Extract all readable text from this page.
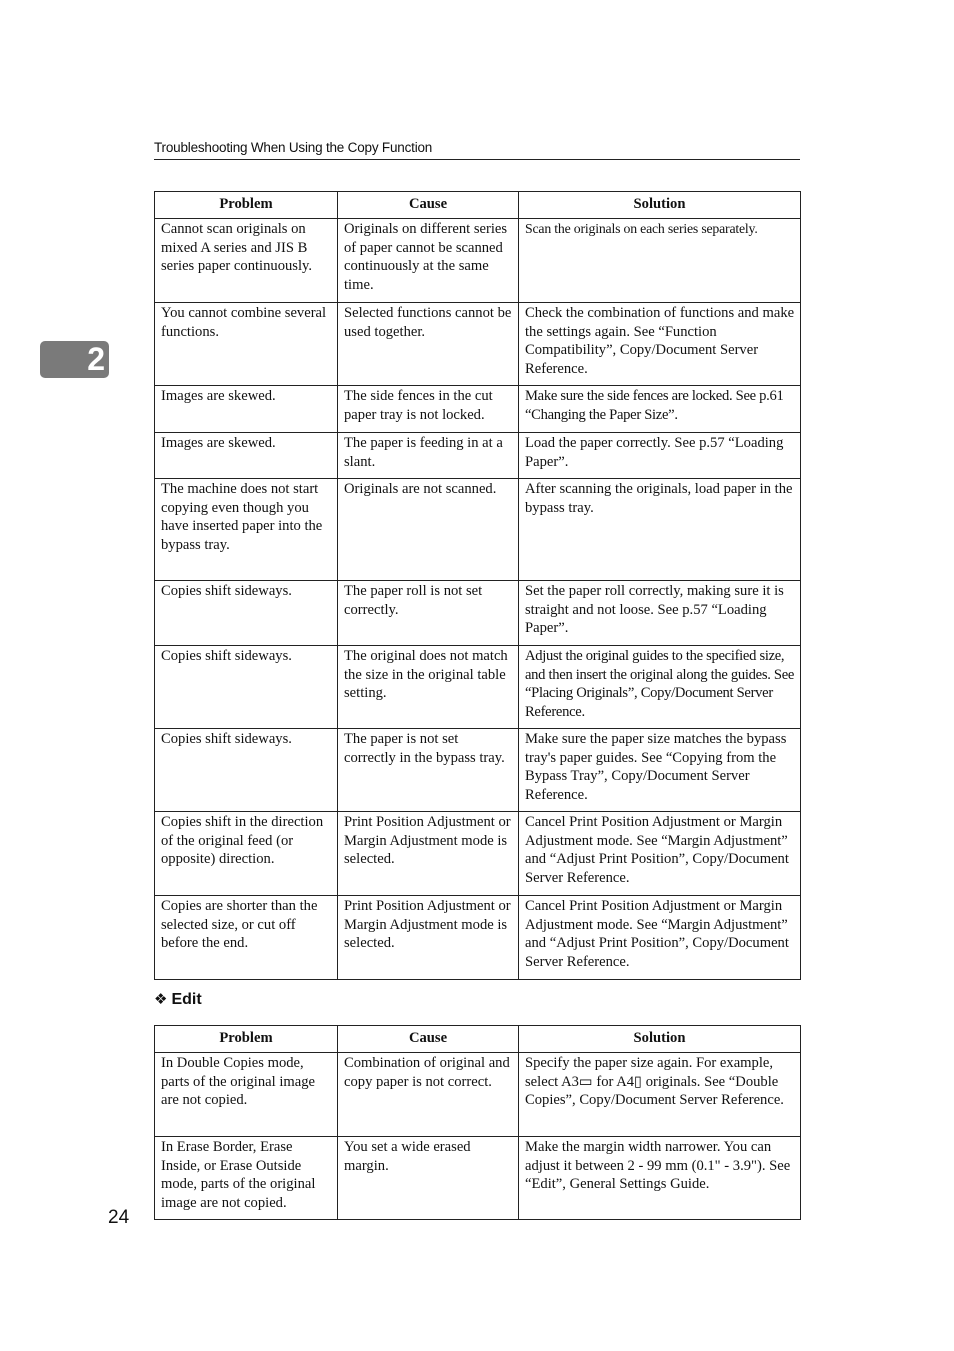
Troubleshooting When Using the Copy Function
2
Problem	Cause	Solution
Cannot scan originals on mixed A series and JIS B series paper continuously.	Originals on different series of paper cannot be scanned continuously at the same time.	Scan the originals on each series separately.
You cannot combine several functions.	Selected functions cannot be used together.	Check the combination of functions and make the settings again. See “Function Compatibility”, Copy/Document Server Reference.
Images are skewed.	The side fences in the cut paper tray is not locked.	Make sure the side fences are locked. See p.61 “Changing the Paper Size”.
Images are skewed.	The paper is feeding in at a slant.	Load the paper correctly. See p.57 “Loading Paper”.
The machine does not start copying even though you have inserted paper into the bypass tray.	Originals are not scanned.	After scanning the originals, load paper in the bypass tray.
Copies shift sideways.	The paper roll is not set correctly.	Set the paper roll correctly, making sure it is straight and not loose. See p.57 “Loading Paper”.
Copies shift sideways.	The original does not match the size in the original table setting.	Adjust the original guides to the specified size, and then insert the original along the guides. See “Placing Originals”, Copy/Document Server Reference.
Copies shift sideways.	The paper is not set correctly in the bypass tray.	Make sure the paper size matches the bypass tray's paper guides. See “Copying from the Bypass Tray”, Copy/Document Server Reference.
Copies shift in the direction of the original feed (or opposite) direction.	Print Position Adjustment or Margin Adjustment mode is selected.	Cancel Print Position Adjustment or Margin Adjustment mode. See “Margin Adjustment” and “Adjust Print Position”, Copy/Document Server Reference.
Copies are shorter than the selected size, or cut off before the end.	Print Position Adjustment or Margin Adjustment mode is selected.	Cancel Print Position Adjustment or Margin Adjustment mode. See “Margin Adjustment” and “Adjust Print Position”, Copy/Document Server Reference.
❖ Edit
Problem	Cause	Solution
In Double Copies mode, parts of the original image are not copied.	Combination of original and copy paper is not correct.	Specify the paper size again. For example, select A3▭ for A4▯ originals. See “Double Copies”, Copy/Document Server Reference.
In Erase Border, Erase Inside, or Erase Outside mode, parts of the original image are not copied.	You set a wide erased margin.	Make the margin width narrower. You can adjust it between 2 - 99 mm (0.1" - 3.9"). See “Edit”, General Settings Guide.
24
